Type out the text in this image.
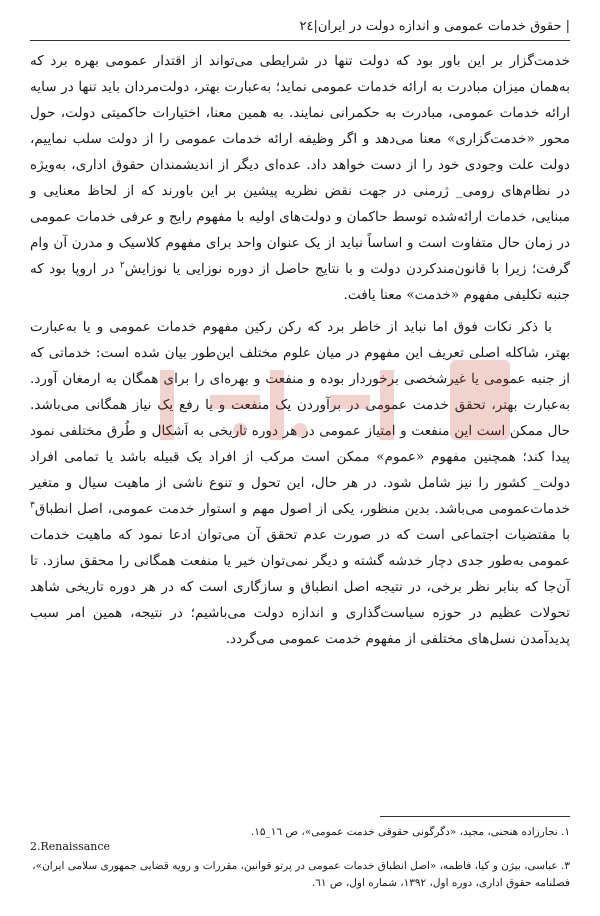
| حقوق خدمات عمومی و اندازه دولت در ایران|۲٤

خدمت‌گزار بر این باور بود که دولت تنها در شرایطی می‌تواند از اقتدار عمومی بهره برد که به‌همان میزان مبادرت به ارائه خدمات عمومی نماید؛ به‌عبارت بهتر، دولت‌مردان باید تنها در سایه ارائه خدمات عمومی، مبادرت به حکمرانی نمایند. به همین معنا، اختیارات حاکمیتی دولت، حول محور «خدمت‌گزاری» معنا می‌دهد و اگر وظیفه ارائه خدمات عمومی را از دولت سلب نماییم، دولت علت وجودی خود را از دست خواهد داد. عده‌ای دیگر از اندیشمندان حقوق اداری، به‌ویژه در نظام‌های رومی_ ژرمنی در جهت نقض نظریه پیشین بر این باورند که از لحاظ معنایی و مبنایی، خدمات ارائه‌شده توسط حاکمان و دولت‌های اولیه با مفهوم رایج و عرفی خدمات عمومی در زمان حال متفاوت است و اساساً نباید از یک عنوان واحد برای مفهوم کلاسیک و مدرن آن وام گرفت؛ زیرا با قانون‌مندکردن دولت و با نتایج حاصل از دوره نوزایی یا نوزایش$^۲$ در اروپا بود که جنبه تکلیفی مفهوم «خدمت» معنا یافت.

با ذکر نکات فوق اما نباید از خاطر برد که رکن رکین مفهوم خدمات عمومی و یا به‌عبارت بهتر، شاکله اصلی تعریف این مفهوم در میان علوم مختلف این‌طور بیان شده است: خدماتی که از جنبه عمومی یا غیرشخصی برخوردار بوده و منفعت و بهره‌ای را برای همگان به ارمغان آورد. به‌عبارت بهتر، تحقق خدمت عمومی در برآوردن یک منفعت و یا رفع یک نیاز همگانی می‌باشد. حال ممکن است این منفعت و امتیاز عمومی در هر دوره تاریخی به اَشکال و طُرق مختلفی نمود پیدا کند؛ همچنین مفهوم «عموم» ممکن است مرکب از افراد یک قبیله باشد یا تمامی افراد دولت_ کشور را نیز شامل شود. در هر حال، این تحول و تنوع ناشی از ماهیت سیال و متغیر خدمات‌عمومی می‌باشد. بدین منظور، یکی از اصول مهم و استوار خدمت عمومی، اصل انطباق$^۳$ با مقتضیات اجتماعی است که در صورت عدم تحقق آن می‌توان ادعا نمود که ماهیت خدمات عمومی به‌طور جدی دچار خدشه گشته و دیگر نمی‌توان خیر یا منفعت همگانی را محقق سازد. تا آن‌جا که بنابر نظر برخی، در نتیجه اصل انطباق و سازگاری است که در هر دوره تاریخی شاهد تحولات عظیم در حوزه سیاست‌گذاری و اندازه دولت می‌باشیم؛ در نتیجه، همین امر سبب پدیدآمدن نسل‌های مختلفی از مفهوم خدمت عمومی می‌گردد.

۱. نجارزاده هنجنی، مجید، «دگرگونی حقوقی خدمت عمومی»، ص ۱٦_۱۵.

۳. عباسی، بیژن و کیا، فاطمه، «اصل انطباق خدمات عمومی در پرتو قوانین، مقررات و رویه قضایی جمهوری سلامی ایران»، فصلنامه حقوق اداری، دوره اول، ۱۳۹۲، شماره اول، ص ٦۱.

2.Renaissance
